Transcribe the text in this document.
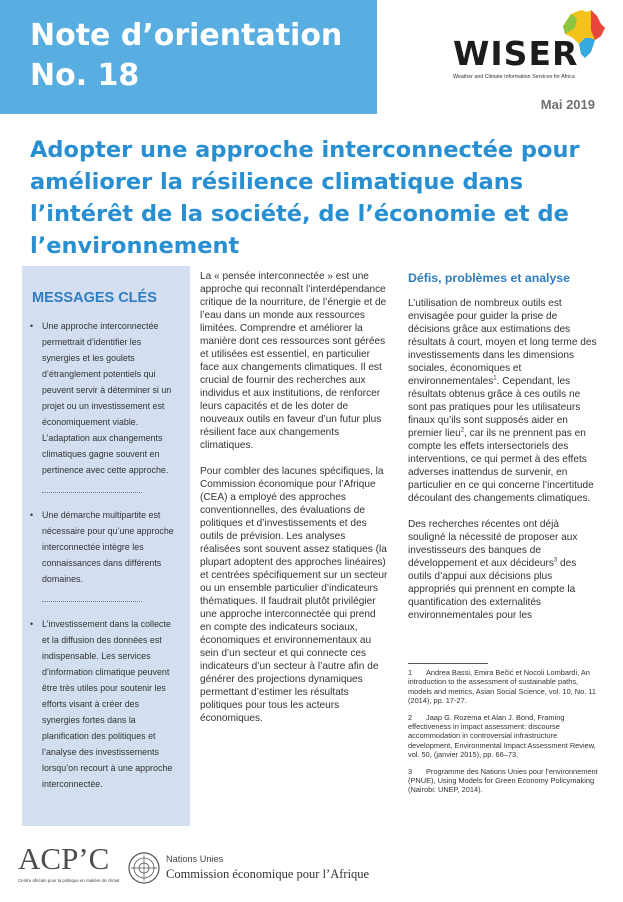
Note d’orientation
No. 18
WISER
Weather and Climate Information Services for Africa
Mai 2019
Adopter une approche interconnectée pour améliorer la résilience climatique dans l’intérêt de la société, de l’économie et de l’environnement
MESSAGES CLÉS
• Une approche interconnectée permettrait d’identifier les synergies et les goulets d’étranglement potentiels qui peuvent servir à déterminer si un projet ou un investissement est économiquement viable. L’adaptation aux changements climatiques gagne souvent en pertinence avec cette approche.
• Une démarche multipartite est nécessaire pour qu’une approche interconnectée intègre les connaissances dans différents domaines.
• L’investissement dans la collecte et la diffusion des données est indispensable. Les services d’information climatique peuvent être très utiles pour soutenir les efforts visant à créer des synergies fortes dans la planification des politiques et l’analyse des investissements lorsqu’on recourt à une approche interconnectée.

La « pensée interconnectée » est une approche qui reconnaît l’interdépendance critique de la nourriture, de l’énergie et de l’eau dans un monde aux ressources limitées. Comprendre et améliorer la manière dont ces ressources sont gérées et utilisées est essentiel, en particulier face aux changements climatiques. Il est crucial de fournir des recherches aux individus et aux institutions, de renforcer leurs capacités et de les doter de nouveaux outils en faveur d’un futur plus résilient face aux changements climatiques.

Pour combler des lacunes spécifiques, la Commission économique pour l’Afrique (CEA) a employé des approches conventionnelles, des évaluations de politiques et d’investissements et des outils de prévision. Les analyses réalisées sont souvent assez statiques (la plupart adoptent des approches linéaires) et centrées spécifiquement sur un secteur ou un ensemble particulier d’indicateurs thématiques. Il faudrait plutôt privilégier une approche interconnectée qui prend en compte des indicateurs sociaux, économiques et environnementaux au sein d’un secteur et qui connecte ces indicateurs d’un secteur à l’autre afin de générer des projections dynamiques permettant d’estimer les résultats politiques pour tous les acteurs économiques.

Défis, problèmes et analyse

L’utilisation de nombreux outils est envisagée pour guider la prise de décisions grâce aux estimations des résultats à court, moyen et long terme des investissements dans les dimensions sociales, économiques et environnementales$^1$. Cependant, les résultats obtenus grâce à ces outils ne sont pas pratiques pour les utilisateurs finaux qu’ils sont supposés aider en premier lieu$^2$, car ils ne prennent pas en compte les effets intersectoriels des interventions, ce qui permet à des effets adverses inattendus de survenir, en particulier en ce qui concerne l’incertitude découlant des changements climatiques.

Des recherches récentes ont déjà souligné la nécessité de proposer aux investisseurs des banques de développement et aux décideurs$^3$ des outils d’appui aux décisions plus appropriés qui prennent en compte la quantification des externalités environnementales pour les

1 Andrea Bassi, Emira Bečić et Nocoli Lombardi, An introduction to the assessment of sustainable paths, models and metrics, Asian Social Science, vol. 10, No. 11 (2014), pp. 17-27.
2 Jaap G. Rozema et Alan J. Bond, Framing effectiveness in impact assessment: discourse accommodation in controversial infrastructure development, Environmental Impact Assessment Review, vol. 50, (janvier 2015), pp. 66–73.
3 Programme des Nations Unies pour l’environnement (PNUE), Using Models for Green Economy Policymaking (Nairobi: UNEP, 2014).
ACP’C
Centre africain pour la politique en matière de climat
Nations Unies
Commission économique pour l’Afrique
